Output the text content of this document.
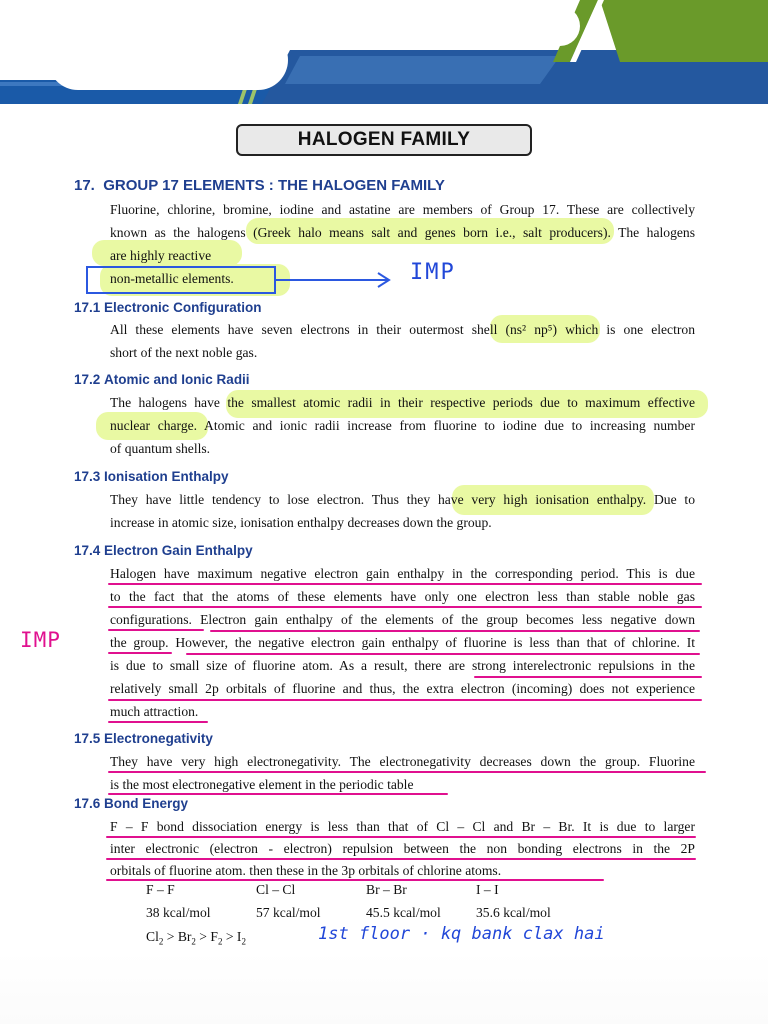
HALOGEN FAMILY
17. GROUP 17 ELEMENTS : THE HALOGEN FAMILY
Fluorine, chlorine, bromine, iodine and astatine are members of Group 17. These are collectively
known as the halogens (Greek halo means salt and genes born i.e., salt producers). The halogens
are highly reactive
non-metallic elements.	IMP
17.1 Electronic Configuration
All these elements have seven electrons in their outermost shell (ns² np⁵) which is one electron
short of the next noble gas.
17.2 Atomic and Ionic Radii
The halogens have the smallest atomic radii in their respective periods due to maximum effective
nuclear charge. Atomic and ionic radii increase from fluorine to iodine due to increasing number
of quantum shells.
17.3 Ionisation Enthalpy
They have little tendency to lose electron. Thus they have very high ionisation enthalpy. Due to
increase in atomic size, ionisation enthalpy decreases down the group.
17.4 Electron Gain Enthalpy
Halogen have maximum negative electron gain enthalpy in the corresponding period. This is due
to the fact that the atoms of these elements have only one electron less than stable noble gas
configurations. Electron gain enthalpy of the elements of the group becomes less negative down
the group. However, the negative electron gain enthalpy of fluorine is less than that of chlorine. It
is due to small size of fluorine atom. As a result, there are strong interelectronic repulsions in the
relatively small 2p orbitals of fluorine and thus, the extra electron (incoming) does not experience
much attraction.
IMP
17.5 Electronegativity
They have very high electronegativity. The electronegativity decreases down the group. Fluorine
is the most electronegative element in the periodic table
17.6 Bond Energy
F – F bond dissociation energy is less than that of Cl – Cl and Br – Br. It is due to larger
inter electronic (electron - electron) repulsion between the non bonding electrons in the 2P
orbitals of fluorine atom. then these in the 3p orbitals of chlorine atoms.
F – F	Cl – Cl	Br – Br	I – I
38 kcal/mol	57 kcal/mol	45.5 kcal/mol	35.6 kcal/mol
$Cl_2 > Br_2 > F_2 > I_2$	1st floor · kq bank clax hai
